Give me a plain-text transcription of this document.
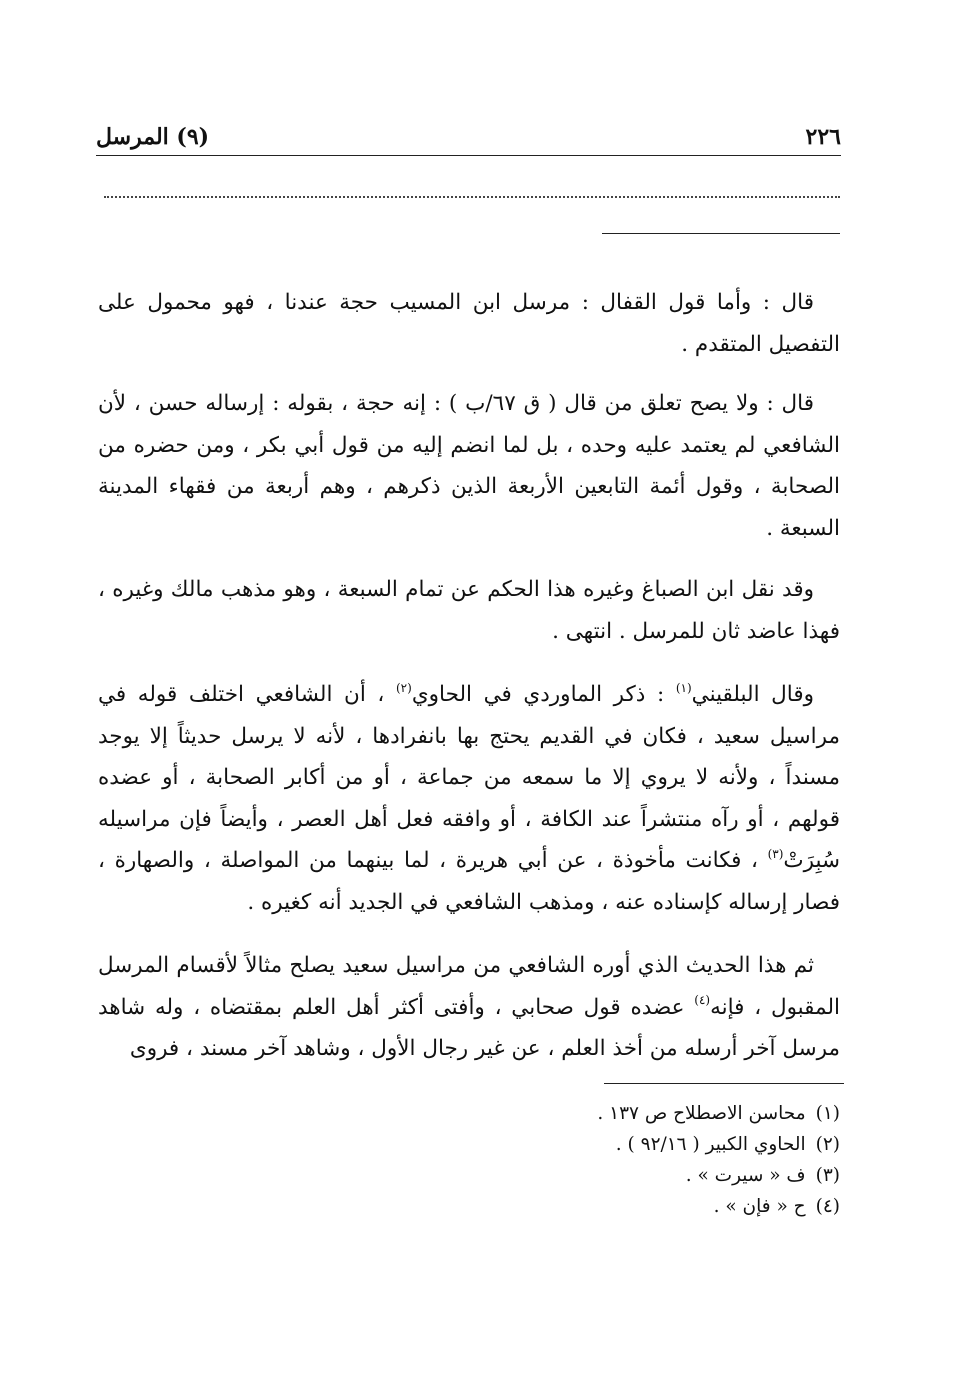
٢٢٦
(٩) المرسل

قال : وأما قول القفال : مرسل ابن المسيب حجة عندنا ، فهو محمول على التفصيل المتقدم .

قال : ولا يصح تعلق من قال ( ق ٦٧/ب ) : إنه حجة ، بقوله : إرساله حسن ، لأن الشافعي لم يعتمد عليه وحده ، بل لما انضم إليه من قول أبي بكر ، ومن حضره من الصحابة ، وقول أئمة التابعين الأربعة الذين ذكرهم ، وهم أربعة من فقهاء المدينة السبعة .

وقد نقل ابن الصباغ وغيره هذا الحكم عن تمام السبعة ، وهو مذهب مالك وغيره ، فهذا عاضد ثان للمرسل . انتهى .

وقال البلقيني$^{(١)}$ : ذكر الماوردي في الحاوي$^{(٢)}$ ، أن الشافعي اختلف قوله في مراسيل سعيد ، فكان في القديم يحتج بها بانفرادها ، لأنه لا يرسل حديثاً إلا يوجد مسنداً ، ولأنه لا يروي إلا ما سمعه من جماعة ، أو من أكابر الصحابة ، أو عضده قولهم ، أو رآه منتشراً عند الكافة ، أو وافقه فعل أهل العصر ، وأيضاً فإن مراسيله سُبِرَتْ$^{(٣)}$ ، فكانت مأخوذة ، عن أبي هريرة ، لما بينهما من المواصلة ، والصهارة ، فصار إرساله كإسناده عنه ، ومذهب الشافعي في الجديد أنه كغيره .

ثم هذا الحديث الذي أوره الشافعي من مراسيل سعيد يصلح مثالاً لأقسام المرسل المقبول ، فإنه$^{(٤)}$ عضده قول صحابي ، وأفتى أكثر أهل العلم بمقتضاه ، وله شاهد مرسل آخر أرسله من أخذ العلم ، عن غير رجال الأول ، وشاهد آخر مسند ، فروى

(١)محاسن الاصطلاح ص ١٣٧ .
(٢)الحاوي الكبير ( ٩٢/١٦ ) .
(٣)ف « سيرت » .
(٤)ح « فإن » .
